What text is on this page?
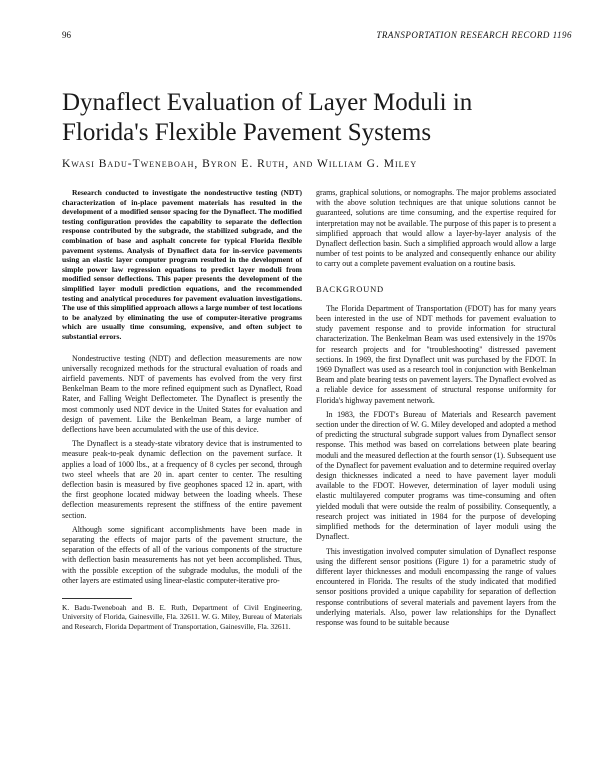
96	TRANSPORTATION RESEARCH RECORD 1196
Dynaflect Evaluation of Layer Moduli in Florida's Flexible Pavement Systems
Kwasi Badu-Tweneboah, Byron E. Ruth, and William G. Miley

Research conducted to investigate the nondestructive testing (NDT) characterization of in-place pavement materials has resulted in the development of a modified sensor spacing for the Dynaflect. The modified testing configuration provides the capability to separate the deflection response contributed by the subgrade, the stabilized subgrade, and the combination of base and asphalt concrete for typical Florida flexible pavement systems. Analysis of Dynaflect data for in-service pavements using an elastic layer computer program resulted in the development of simple power law regression equations to predict layer moduli from modified sensor deflections. This paper presents the development of the simplified layer moduli prediction equations, and the recommended testing and analytical procedures for pavement evaluation investigations. The use of this simplified approach allows a large number of test locations to be analyzed by eliminating the use of computer-iterative programs which are usually time consuming, expensive, and often subject to substantial errors.

Nondestructive testing (NDT) and deflection measurements are now universally recognized methods for the structural evaluation of roads and airfield pavements. NDT of pavements has evolved from the very first Benkelman Beam to the more refined equipment such as Dynaflect, Road Rater, and Falling Weight Deflectometer. The Dynaflect is presently the most commonly used NDT device in the United States for evaluation and design of pavement. Like the Benkelman Beam, a large number of deflections have been accumulated with the use of this device.

The Dynaflect is a steady-state vibratory device that is instrumented to measure peak-to-peak dynamic deflection on the pavement surface. It applies a load of 1000 lbs., at a frequency of 8 cycles per second, through two steel wheels that are 20 in. apart center to center. The resulting deflection basin is measured by five geophones spaced 12 in. apart, with the first geophone located midway between the loading wheels. These deflection measurements represent the stiffness of the entire pavement section.

Although some significant accomplishments have been made in separating the effects of major parts of the pavement structure, the separation of the effects of all of the various components of the structure with deflection basin measurements has not yet been accomplished. Thus, with the possible exception of the subgrade modulus, the moduli of the other layers are estimated using linear-elastic computer-iterative pro-

K. Badu-Tweneboah and B. E. Ruth, Department of Civil Engineering, University of Florida, Gainesville, Fla. 32611. W. G. Miley, Bureau of Materials and Research, Florida Department of Transportation, Gainesville, Fla. 32611.

grams, graphical solutions, or nomographs. The major problems associated with the above solution techniques are that unique solutions cannot be guaranteed, solutions are time consuming, and the expertise required for interpretation may not be available. The purpose of this paper is to present a simplified approach that would allow a layer-by-layer analysis of the Dynaflect deflection basin. Such a simplified approach would allow a large number of test points to be analyzed and consequently enhance our ability to carry out a complete pavement evaluation on a routine basis.

BACKGROUND

The Florida Department of Transportation (FDOT) has for many years been interested in the use of NDT methods for pavement evaluation to study pavement response and to provide information for structural characterization. The Benkelman Beam was used extensively in the 1970s for research projects and for "troubleshooting" distressed pavement sections. In 1969, the first Dynaflect unit was purchased by the FDOT. In 1969 Dynaflect was used as a research tool in conjunction with Benkelman Beam and plate bearing tests on pavement layers. The Dynaflect evolved as a reliable device for assessment of structural response uniformity for Florida's highway pavement network.

In 1983, the FDOT's Bureau of Materials and Research pavement section under the direction of W. G. Miley developed and adopted a method of predicting the structural subgrade support values from Dynaflect sensor response. This method was based on correlations between plate bearing moduli and the measured deflection at the fourth sensor (1). Subsequent use of the Dynaflect for pavement evaluation and to determine required overlay design thicknesses indicated a need to have pavement layer moduli available to the FDOT. However, determination of layer moduli using elastic multilayered computer programs was time-consuming and often yielded moduli that were outside the realm of possibility. Consequently, a research project was initiated in 1984 for the purpose of developing simplified methods for the determination of layer moduli using the Dynaflect.

This investigation involved computer simulation of Dynaflect response using the different sensor positions (Figure 1) for a parametric study of different layer thicknesses and moduli encompassing the range of values encountered in Florida. The results of the study indicated that modified sensor positions provided a unique capability for separation of deflection response contributions of several materials and pavement layers from the underlying materials. Also, power law relationships for the Dynaflect response was found to be suitable because
